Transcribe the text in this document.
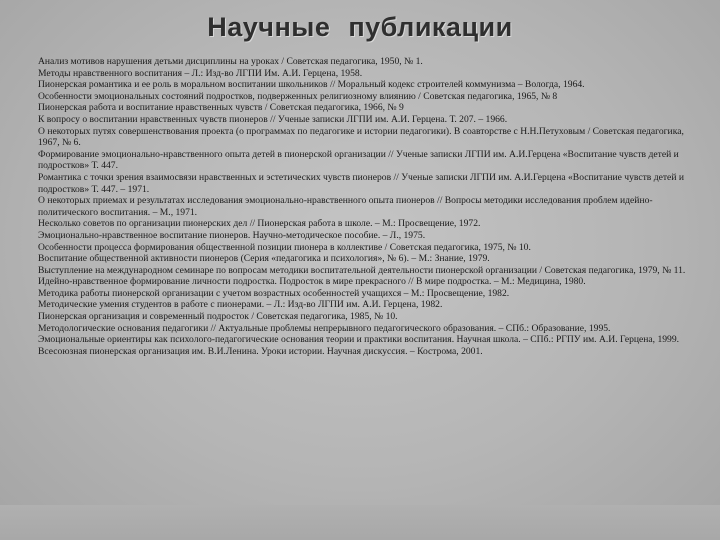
Научные публикации
Анализ мотивов нарушения детьми дисциплины на уроках / Советская педагогика, 1950, № 1.
Методы нравственного воспитания – Л.: Изд-во ЛГПИ Им. А.И. Герцена, 1958.
Пионерская романтика и ее роль в моральном воспитании школьников // Моральный кодекс строителей коммунизма – Вологда, 1964.
Особенности эмоциональных состояний подростков, подверженных религиозному влиянию / Советская педагогика, 1965, № 8
Пионерская работа и воспитание нравственных чувств / Советская педагогика, 1966, № 9
К вопросу о воспитании нравственных чувств пионеров // Ученые записки ЛГПИ им. А.И. Герцена. Т. 207. – 1966.
О некоторых путях совершенствования проекта (о программах по педагогике и истории педагогики). В соавторстве с Н.Н.Петуховым / Советская педагогика, 1967, № 6.
Формирование эмоционально-нравственного опыта детей в пионерской организации // Ученые записки ЛГПИ им. А.И.Герцена «Воспитание чувств детей и подростков» Т. 447.
Романтика с точки зрения взаимосвязи нравственных и эстетических чувств пионеров // Ученые записки ЛГПИ им. А.И.Герцена «Воспитание чувств детей и подростков» Т. 447. – 1971.
О некоторых приемах и результатах исследования эмоционально-нравственного опыта пионеров // Вопросы методики исследования проблем идейно-политического воспитания. – М., 1971.
Несколько советов по организации пионерских дел // Пионерская работа в школе. – М.: Просвещение, 1972.
Эмоционально-нравственное воспитание пионеров. Научно-методическое пособие. – Л., 1975.
Особенности процесса формирования общественной позиции пионера в коллективе / Советская педагогика, 1975, № 10.
Воспитание общественной активности пионеров (Серия «педагогика и психология», № 6). – М.: Знание, 1979.
Выступление на международном семинаре по вопросам методики воспитательной деятельности пионерской организации / Советская педагогика, 1979, № 11.
Идейно-нравственное формирование личности подростка. Подросток в мире прекрасного // В мире подростка. – М.: Медицина, 1980.
Методика работы пионерской организации с учетом возрастных особенностей учащихся – М.: Просвещение, 1982.
Методические умения студентов в работе с пионерами. – Л.: Изд-во ЛГПИ им. А.И. Герцена, 1982.
Пионерская организация и современный подросток / Советская педагогика, 1985, № 10.
Методологические основания педагогики // Актуальные проблемы непрерывного педагогического образования. – СПб.: Образование, 1995.
Эмоциональные ориентиры как психолого-педагогические основания теории и практики воспитания. Научная школа. – СПб.: РГПУ им. А.И. Герцена, 1999.
Всесоюзная пионерская организация им. В.И.Ленина. Уроки истории. Научная дискуссия. – Кострома, 2001.
